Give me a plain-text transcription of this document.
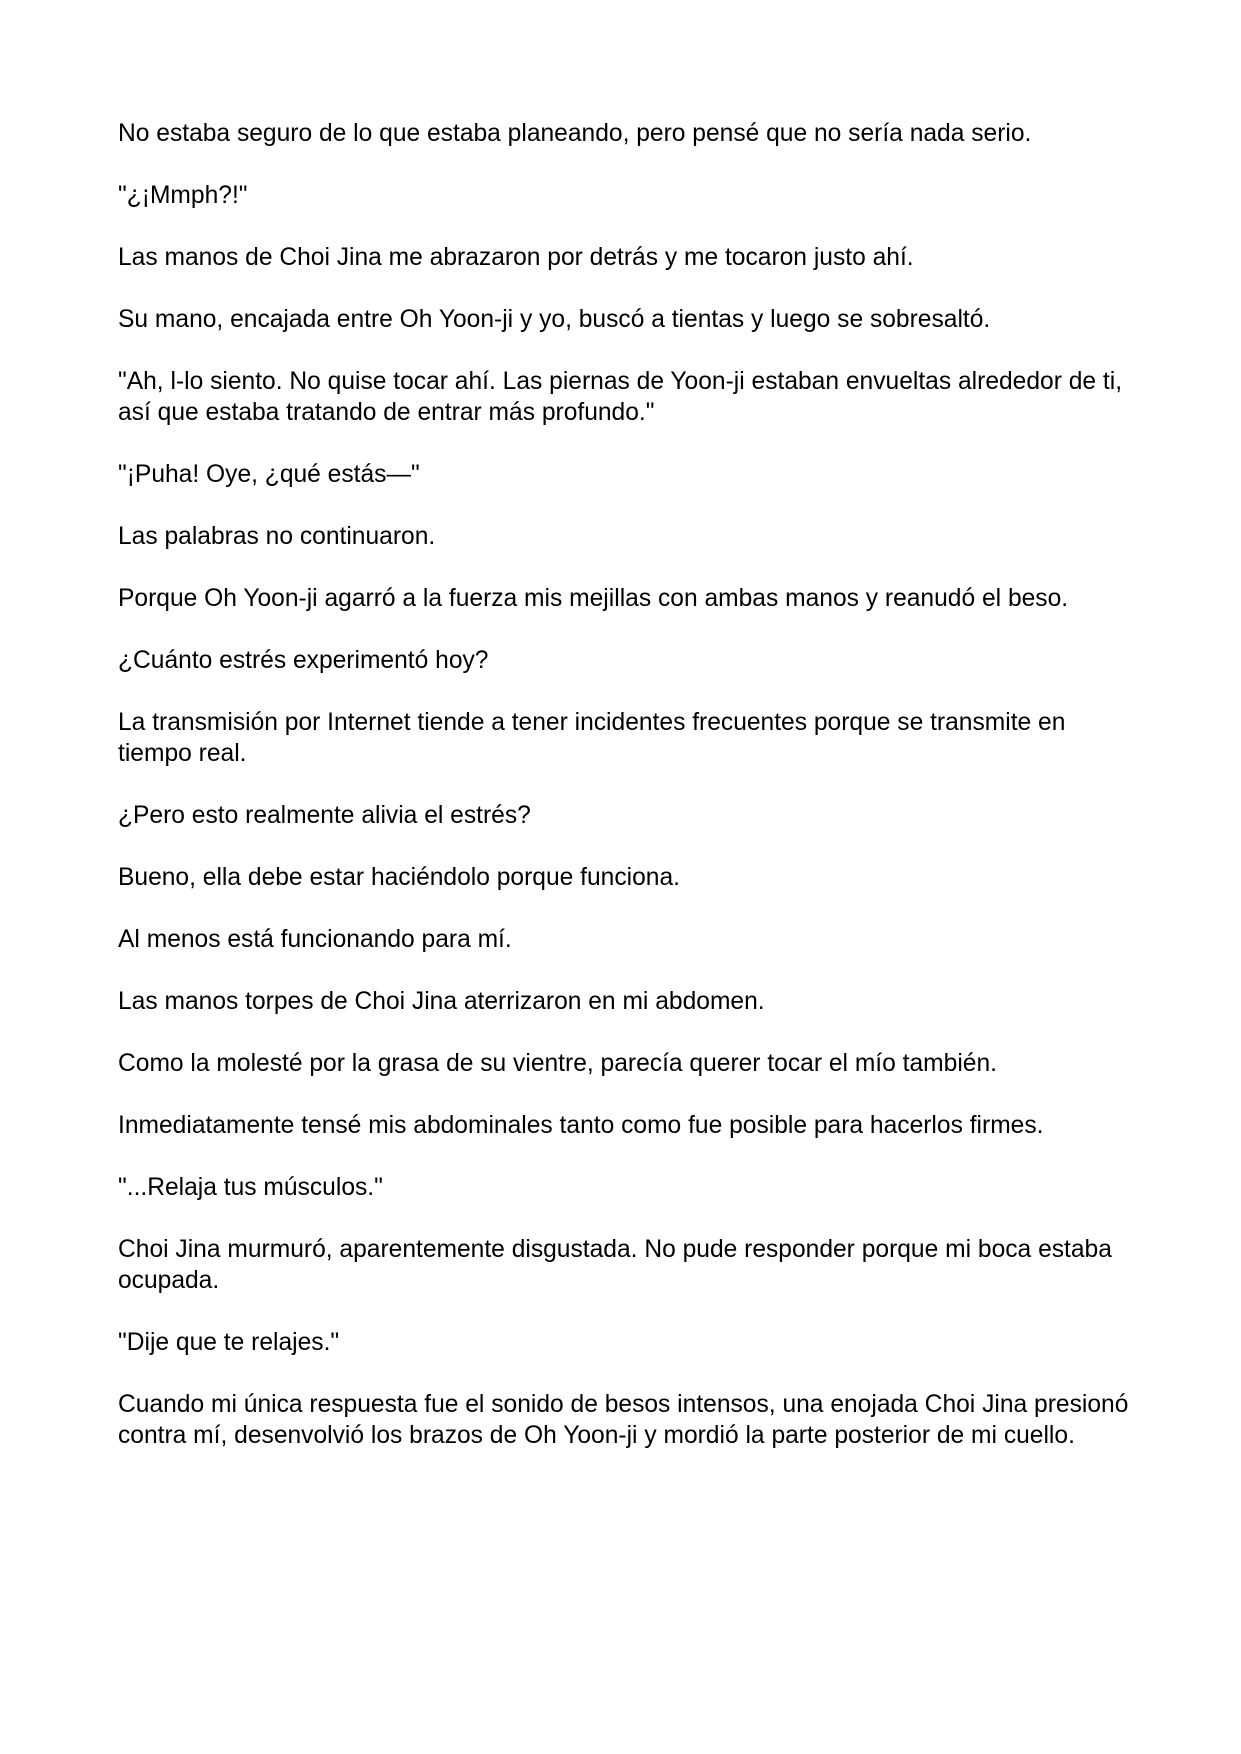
No estaba seguro de lo que estaba planeando, pero pensé que no sería nada serio.

"¿¡Mmph?!"

Las manos de Choi Jina me abrazaron por detrás y me tocaron justo ahí.

Su mano, encajada entre Oh Yoon-ji y yo, buscó a tientas y luego se sobresaltó.

"Ah, l-lo siento. No quise tocar ahí. Las piernas de Yoon-ji estaban envueltas alrededor de ti, así que estaba tratando de entrar más profundo."

"¡Puha! Oye, ¿qué estás—"

Las palabras no continuaron.

Porque Oh Yoon-ji agarró a la fuerza mis mejillas con ambas manos y reanudó el beso.

¿Cuánto estrés experimentó hoy?

La transmisión por Internet tiende a tener incidentes frecuentes porque se transmite en tiempo real.

¿Pero esto realmente alivia el estrés?

Bueno, ella debe estar haciéndolo porque funciona.

Al menos está funcionando para mí.

Las manos torpes de Choi Jina aterrizaron en mi abdomen.

Como la molesté por la grasa de su vientre, parecía querer tocar el mío también.

Inmediatamente tensé mis abdominales tanto como fue posible para hacerlos firmes.

"...Relaja tus músculos."

Choi Jina murmuró, aparentemente disgustada. No pude responder porque mi boca estaba ocupada.

"Dije que te relajes."

Cuando mi única respuesta fue el sonido de besos intensos, una enojada Choi Jina presionó contra mí, desenvolvió los brazos de Oh Yoon-ji y mordió la parte posterior de mi cuello.
